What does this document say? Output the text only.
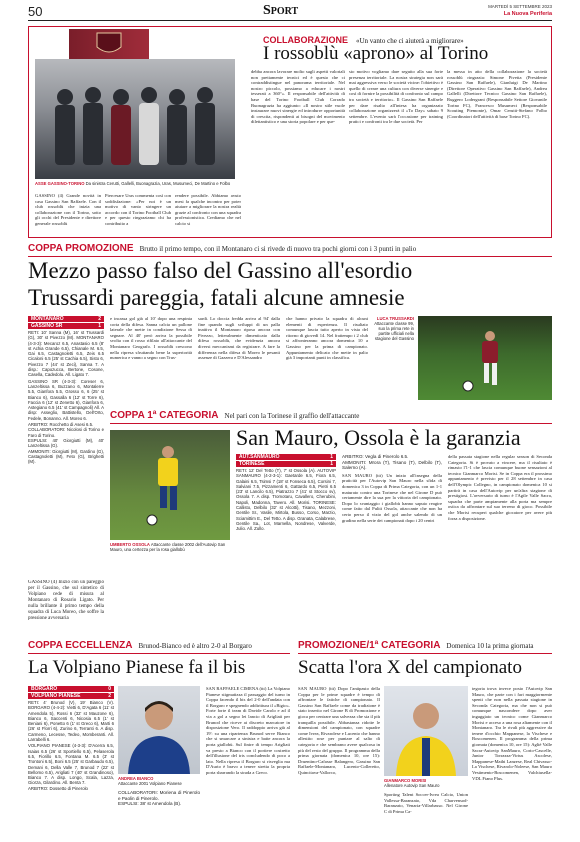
50	Sport	MARTEDÌ 5 SETTEMBRE 2023
La Nuova Periferia
ASSE GASSINO-TORINO Da sinistra Cerutti, Gallelli, Buonagrazia, Uras, Musumeci, De Martino e Folbo
COLLABORAZIONE «Un vanto che ci aiuterà a migliorare»
I rossoblù «aprono» al Torino
GASSINO (4) Grande novità in casa Gassino San Raffaele. Con il club rossoblù che inizia una collaborazione con il Torino, sotto gli occhi del Presidente e direttore generale rossoblù
Piercesare Uras commenta così con soddisfazione: «Per noi è un motivo di vanto stringere un accordo con il Torino Football Club e per questo ringraziamo chi ha contribuito a
rendere possibile. Abbiamo avuto mesi fa qualche incontro per poter aiutare a migliorare la nostra realtà grazie al confronto con una squadra professionistica. Crediamo che nel calcio si
debba ancora lavorare molto sugli aspetti valoriali non prettamente tecnici ed è questo che ci contraddistingue nel panorama territoriale. Nel nostro piccolo, possiamo a educare i nostri tesserati a 360°». Il responsabile dell'attività di base del Torino Football Club Corrado Buonagrazia ha aggiunto: «Il nostro stile vuole instaurare nuovi sinergie ed introdurre opportunità di crescita, rispondenti ai bisogni del movimento dilettantistico e una storia popolare e per que-
sto motivo vogliamo dare seguito alla sua forte presenza territoriale. La nostra strategia non sarà mai aggressiva verso le società vicine: l'obiettivo è quello di creare una cultura con diverse sinergie e così di fornire la possibilità di confronto sul campo tra società e territorio». Il Gassino San Raffaele per dare risalto all'intesa ha organizzato collaborazione organizzerà il «To Day» sabato 9 settembre. L'evento sarà l'occasione per training pratici e confronti tra le due società. Per
la messa in atto della collaborazione la società rossoblù ringrazia: Simone Pivetta (Presidente Gassino San Raffaele), Gianluigi De Martino (Direttore Operativo Gassino San Raffaele), Andrea Gallelli (Direttore Tecnico Gassino San Raffaele), Ruggero Lodergrani (Responsabile Settore Giovanile Torino FC), Francesco Musumeci (Responsabile Scouting Piemonte), Omar Cerutti-Stefano Folbo (Coordinatori dell'attività di base Torino FC).
COPPA PROMOZIONE Brutto il primo tempo, con il Montanaro ci si rivede di nuovo tra pochi giorni con i 3 punti in palio
Mezzo passo falso del Gassino all'esordio
Trussardi pareggia, fatali alcune amnesie
MONTANARO	2
GASSINO SR	1
RETI: 10' Sanna (M), 16' st Trussardi (G), 30' st Pivezzo (M). MONTANARO (4-3-3): Mecaroz 6.5, Anastasio 6.5 (8' st Achia Grande 6.5), Chianale M. 6.5, Gai 6.5, Castagnoletti 6.5, Zeis 6.5 Cicaloni 6.5 (25' st Cachia 6.5), Sisto 6, Pivezzo 7 (44' st Zeci), Sanna 7. A disp.: Capozucca, Bertone, Cosone, Casella, Cadedolu. All. Ligato 7.
GASSINO SR (4-3-3): Coreser 6, Lanzeltissa 6, Buzzano 6, Montalerre 5.5, Gianfora 5.5, Grosso 6, 6 (25' st Bianco 6), Gassalla 6 (12' st Torre 6), Faccia 6 (12' st Zenetto 6), Gianfora 6, Astegiano 6.5 (41' st Campagnoli) All. A disp: Asseglio, Battistello, Dell'Orto, Fedele, Bonanno. All. Moreo 6.
ARBITRO: Rocchetto di Asesi 6.5.
COLLABORATORI: Nicolosi di Torino e Faro di Torino.
ESPULSI: 40' Giorgiutti (M), 40' Lanzeltissa (G).
AMMONITI: Giorgiutti (M), Gardino (G), Castagnoletti (M), Feto (G), Brighetti (M).
GASSINO (4) Inizio con un pareggio per il Gassino, che sul sintetico di Volpiano cede di misura al Montanaro di Rosario Ligato. Per nulla brillante il primo tempo della squadra di Luca Moreo, che soffre la pressione avversaria
e incassa gol già al 10' dopo una respinta corta della difesa. Sanna calcia un pallone laterale che mette in condizione Sessa di segnare. Al 40' però arriva la possibile svolta con il rosso rifilato all'attaccante del Montanaro Geografo. I rossoblù crescono nella ripresa sfruttando bene la superiorità numerica e vanno a segno con Trus-
sardi. Lo doccia fredda arriva al 94' dalla fine quando sugli sviluppi di un palla inattiva il Montanaro riposa ancora con Pivezzo, letteralmente dimenticato dalla difesa rossoblù, che evidenzia ancora diversi meccanismi da registrare. A fare la differenza nella difesa di Moreo le pesanti assenze di Gazzera e D'Alessandro
che hanno privato la squadra di alcuni elementi di esperienza. Il risultato comunque lascia tutto aperto in vista del ritorno di giovedì 14. Nel frattempo i 2 club si affronteranno ancora domenica 10 a Gassino per la prima di campionato. Appuntamento delicato che mette in palio già 3 importanti punti in classifica.
LUCA TRUSSARDI
Attaccante classe 99, suo la prima rete in partite ufficiali nella stagione del Gassino
COPPA 1ª CATEGORIA Nel pari con la Torinese il graffio dell'attaccante
San Mauro, Ossola è la garanzia
UMBERTO OSSOLA Attaccante classe 2002 dell'Autovip San Mauro, una certezza per la rosa giallobù
AUT.SANMAURO	1
TORINESE	1
RETI: 12' Del Tetto (T), 7' st Ossola (A). AUTOVIP SANMAURO (4-2-3-1): Gaetarde 6.5, Fiora 6.5, Galaini 6.5, Tsimsi 7 (18' st Fonseca 6.5), Corsini 7, Salviani 7.5, Pizzamenti 6, Gattardo 6.5, Pietri 6.5 (23' st Lancilo 6.5), Piatrazzo 7 (41' st Stocco sv), Ossola 7. A disp. Tromotaru, Cavallero, Cherubini, Napoli, Madonna, Tavero. All. Morisi. TORINESE: Callisto, Delbilo (32' st Alcotti), Tisano, Mezzoni, Gentile Sr., Vasile, Mirtola, Busso, Corso, Marzio, Sciamittim E., Del Tetto. A disp. Granata, Calabrese, Gentile Sa., Lot, Marnella, Nondrese, Valverde, Julio. All. Zullo.
ARBITRO: Vegla di Pinerolo 6.5.
AMMONITI: Mrora (T), Tisano (T), Delbilo (T), Salerno (A).
SAN MAURO (ttt) Un inizio all'insegna della praticità per l'Autovip San Mauro nella sfida di domenica 3 in Coppa di Prima Categoria, con un 1-1 maturato contro una Torinese che nel Girone D può certamente dire la sua per la vittoria del campionato. Dopo lo svantaggio i giallobù hanno saputo reagire come fatto dal Puliti Ossola, attaccante che non ha certo perso il vizio del gol anche salendo di un gradino nella serie dei campionati dopo i 20 centri
della passata stagione nella regular season di Seconda Categoria. Si è provato a vincere, ma il risultato è rimasto l'1-1 che lascia comunque buone sensazioni al tecnico Gianmarco Morisi. Se in Coppa era il prossimo appuntamento è previsto per il 28 settembre in casa dell'Olympic Collegno, in campionato domenica 10 si partirà in casa dell'Autovip per un'altra stagione di prestigiosi. L'avversario di turno è l'Agile Valle Sacra, squadra che parte ampiamente alla porta ma sempre ostica da affrontare sul suo terreno di gioco. Possibile che Morisi recuperi qualche giocatore per avere più forza a disposizione.
COPPA ECCELLENZA Brunod-Bianco ed è altro 2-0 al Borgaro
La Volpiano Pianese fa il bis
BORGARO	0
VOLPIANO PIANESE	2
RETI: 4' Brunod (V), 19' Bianco (V). BORGARO (4-4-2): Vietti 6, D'Agata 6 (11' st Amendola 5), Rossi 6 (32' st Mauzone 6), Bianco 6, Saccenti 6, Nicosia 6.5 (1' st Beniani 6), Ponetto 6 (1' st Greco 6), Marti 6 (26' st Florri 6), Zurino 6, Terranti 6. A disp. Carmeno, Lecesse, Tedeo, Momberanti. All. Larrabelli 6.
VOLPIANO PIANESE (4-3-3): D'Acerra 6.5, Isaias 6.5 (26' st Sportiello 6.5), Pelaserola 6.5, Fiorillo 6.5, Fontana M. 6.5 (3' st Trontoni 6.5), Boni 6.5 (25' st Garbaudo 6.5), Demani 6, Della Valle 7, Brunod 7 (22' st Bellomo 6.5), Arigliati 7 (40' st Grandinoso), Bianco 7. A disp. Longo, Scala, Lazza, Giorza, Gilardino. All. Benta 7.
ARBITRO: Dossetto di Pinerolo
ANDREA BIANCO
Attaccante 2001 Volpiano Pianese
COLLABORATORI: Moriena di Pinerolo e Paolin di Pinerolo.
ESPULSI: 38' st Amendola (B).
SAN RAFFAELE CIMENA (ttt) La Volpiano Pianese stigmatizza il passaggio del turno in Coppa facendo il bis del 2-0 dell'andata con il Borgaro e spegnendo addirittura il «Bigio». Forte forte il team di Davide Carolo e ad il via a gol a segno lei lancio di Arigliati per Brunod che riceve ai discreto marcatore in disposizione Vero. Il raddoppio arriva già al 19': su una ripartenza Brunod serve Bianco che si smarcare a sinistra e batte ancora la porta giallobù. Sul finire di tempo Arigliati va presto a Bianco con il portiere costretto dell'illusione del tris concludendo di poco a lato. Nella ripresa il Borgaro si risveglia ma D'Aurio è bravo a tenere stretta la propria porta sbarrando la strada a Greco.
PROMOZIONE/1ª CATEGORIA Domenica 10 la prima giornata
Scatta l'ora X del campionato
SAN MAURO (ttt) Dopo l'antipasto della Coppa per le prime squadre è tempo di affrontare le fatiche di campionato. Il Gassino San Raffaele come da tradizione è stato inserito nel Girone B di Promozione e gioca per centrare una salvezza che sia il più tranquilla possibile. Abbastanza ridotte le dimensioni del campionato, con squadre come Ivrea, Rivarolese e Lucento che hanno allestito rose per puntare al salto di categoria e che sembrano avere qualcosa in più del resto del gruppo. Il programma della prima giornata (domenica 10, ore 15): Druentino-Cafasse Balangero, Gassino San Raffaele-Montanaro, Lucento-Colleretto, Quincitava-Vallorco,
GIANMARCO MORISI
Allenatore Autovip San Mauro
Sporting Talent Soccer-Ivrea Calcio, Union Vallessa-Baranzato, Vda Charvensod-Baranzato, Venaria-Villarbasso. Nel Girone C di Prima Ca-
tegoria trova invece posto l'Autovip San Mauro, che parte con i fari maggiormente spenti che non nella passata stagione in Seconda Categoria, ma che non si può comunque nascondere dopo aver ingaggiato un tecnico come Gianmarco Morisi e acceso a una rosa altamente con il Montanaro. Tra le rivali più aggressive da tenere d'occhio Mappanese, la Vischese e Boscomenen. Il programma della prima giornata (domenica 10, ore 15): Agliè Valle Sacra-Autovip SanMauro, Corio-Cascelle, Junior Torrazza-Virtus Ascolese, Mappanese-Mathi Lanzese, Real Chivasso-La Vischese, Rivarolo-Noleese, San Mauro Vestimento-Boscomenen, Valchiusella-VDL Fiano Plus.
